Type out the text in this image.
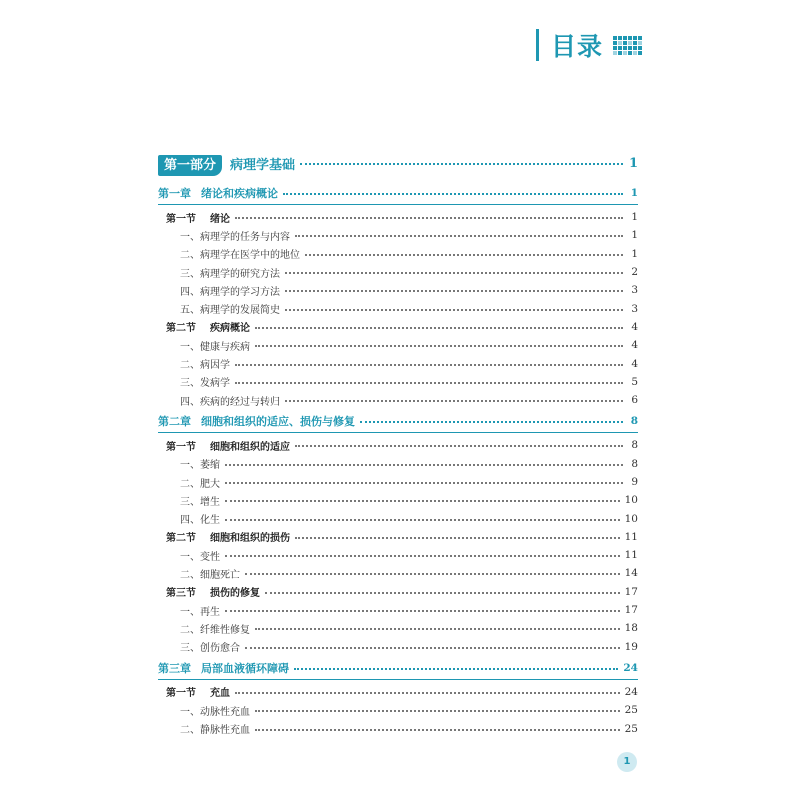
目录
第一部分 病理学基础	1
第一章 绪论和疾病概论	1
第一节 绪论	1
一、病理学的任务与内容	1
二、病理学在医学中的地位	1
三、病理学的研究方法	2
四、病理学的学习方法	3
五、病理学的发展简史	3
第二节 疾病概论	4
一、健康与疾病	4
二、病因学	4
三、发病学	5
四、疾病的经过与转归	6
第二章 细胞和组织的适应、损伤与修复	8
第一节 细胞和组织的适应	8
一、萎缩	8
二、肥大	9
三、增生	10
四、化生	10
第二节 细胞和组织的损伤	11
一、变性	11
二、细胞死亡	14
第三节 损伤的修复	17
一、再生	17
二、纤维性修复	18
三、创伤愈合	19
第三章 局部血液循环障碍	24
第一节 充血	24
一、动脉性充血	25
二、静脉性充血	25
1
